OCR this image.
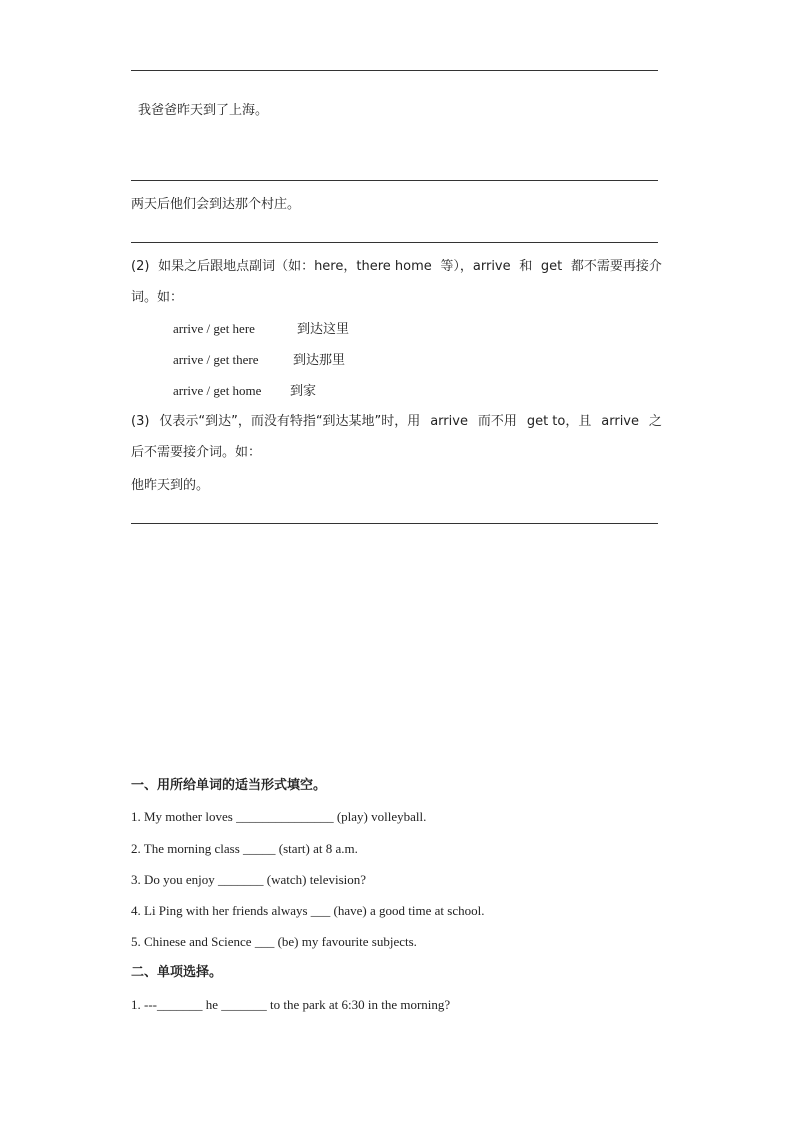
我爸爸昨天到了上海。
两天后他们会到达那个村庄。
(2) 如果之后跟地点副词（如：here，there home 等），arrive 和 get 都不需要再接介
词。如：
arrive / get here	到达这里
arrive / get there	到达那里
arrive / get home 到家
(3) 仅表示“到达”，而没有特指“到达某地”时，用 arrive 而不用 get to，且 arrive 之
后不需要接介词。如：
他昨天到的。
一、用所给单词的适当形式填空。
1. My mother loves _______________ (play) volleyball.
2. The morning class _____ (start) at 8 a.m.
3. Do you enjoy _______ (watch) television?
4. Li Ping with her friends always ___ (have) a good time at school.
5. Chinese and Science ___ (be) my favourite subjects.
二、单项选择。
1. ---_______ he _______ to the park at 6:30 in the morning?
